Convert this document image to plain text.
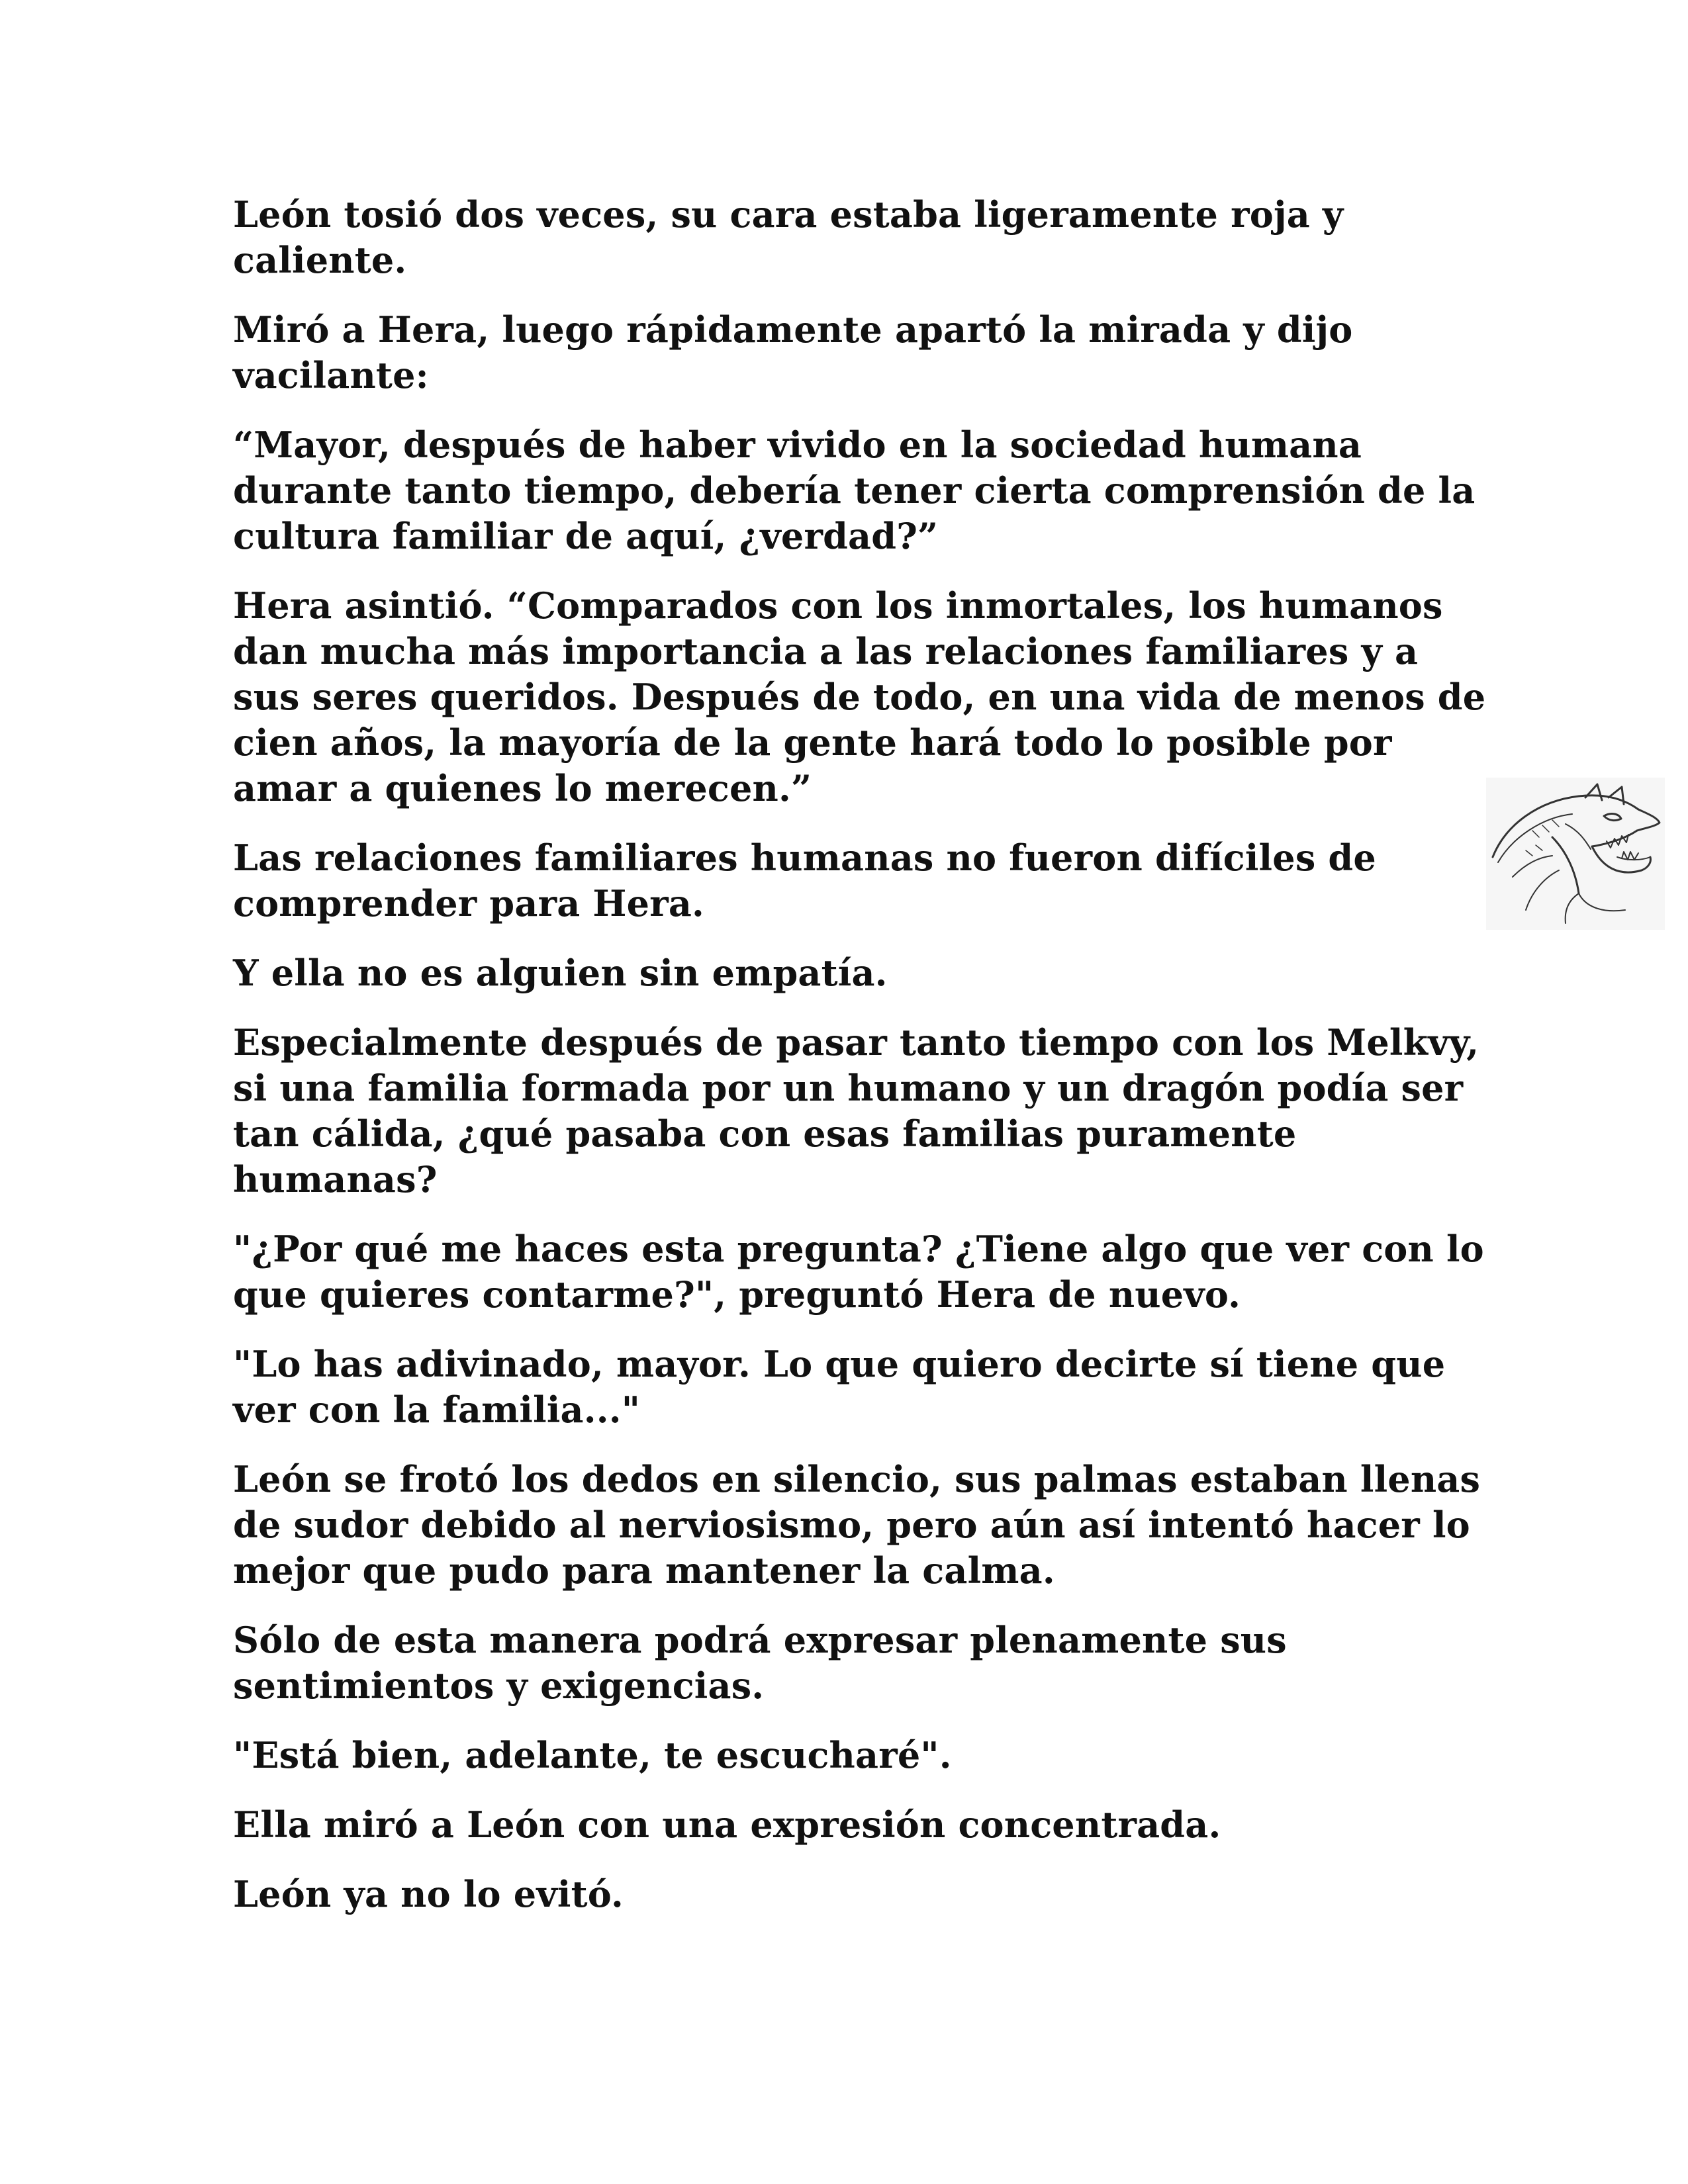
León tosió dos veces, su cara estaba ligeramente roja y caliente.

Miró a Hera, luego rápidamente apartó la mirada y dijo vacilante:

“Mayor, después de haber vivido en la sociedad humana durante tanto tiempo, debería tener cierta comprensión de la cultura familiar de aquí, ¿verdad?”

Hera asintió. “Comparados con los inmortales, los humanos dan mucha más importancia a las relaciones familiares y a sus seres queridos. Después de todo, en una vida de menos de cien años, la mayoría de la gente hará todo lo posible por amar a quienes lo merecen.”

Las relaciones familiares humanas no fueron difíciles de comprender para Hera.

Y ella no es alguien sin empatía.

Especialmente después de pasar tanto tiempo con los Melkvy, si una familia formada por un humano y un dragón podía ser tan cálida, ¿qué pasaba con esas familias puramente humanas?

"¿Por qué me haces esta pregunta? ¿Tiene algo que ver con lo que quieres contarme?", preguntó Hera de nuevo.

"Lo has adivinado, mayor. Lo que quiero decirte sí tiene que ver con la familia..."

León se frotó los dedos en silencio, sus palmas estaban llenas de sudor debido al nerviosismo, pero aún así intentó hacer lo mejor que pudo para mantener la calma.

Sólo de esta manera podrá expresar plenamente sus sentimientos y exigencias.

"Está bien, adelante, te escucharé".

Ella miró a León con una expresión concentrada.

León ya no lo evitó.
